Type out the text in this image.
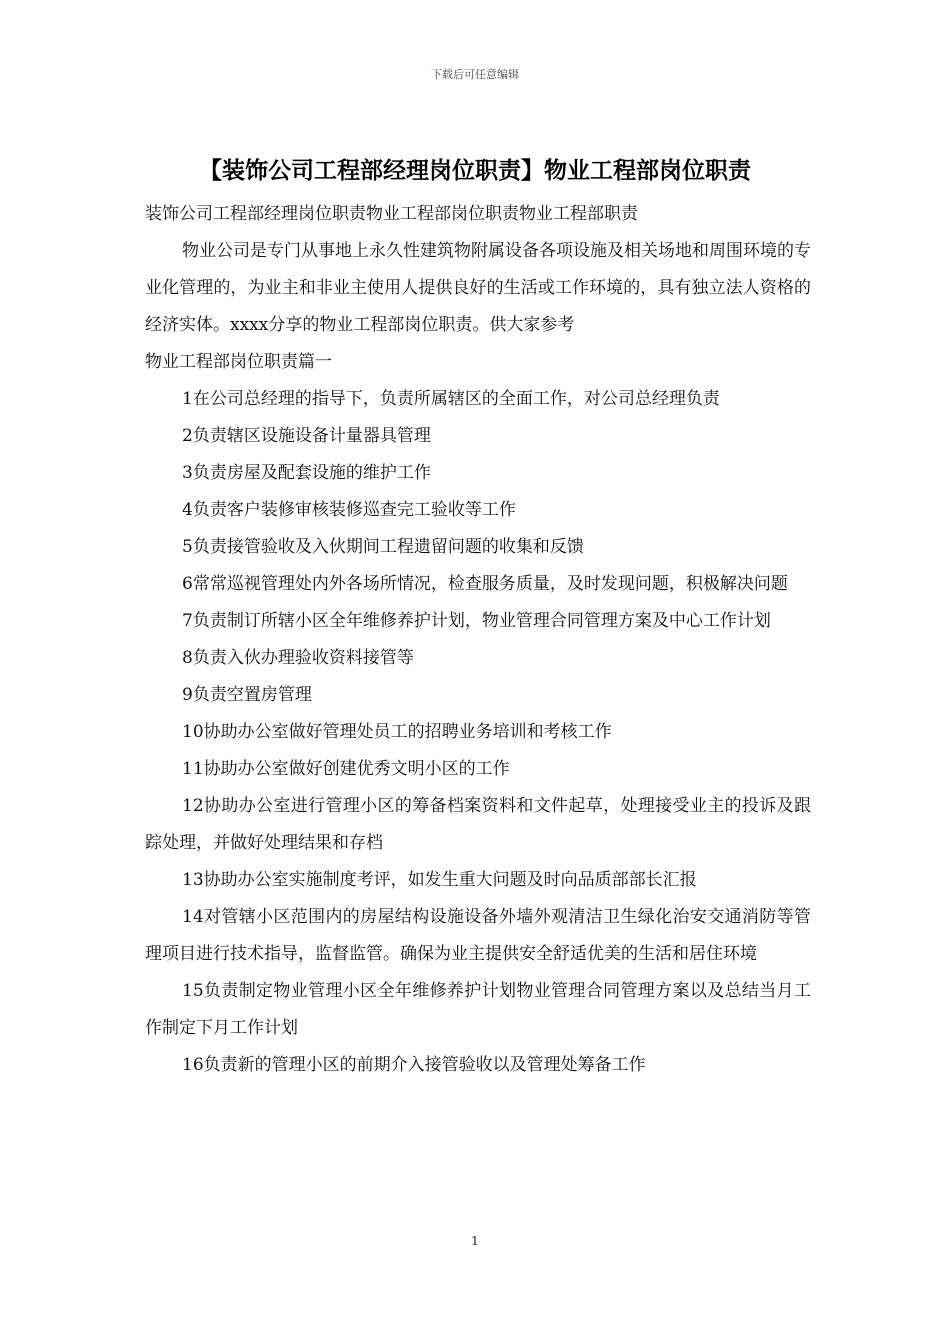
下载后可任意编辑
【装饰公司工程部经理岗位职责】物业工程部岗位职责

装饰公司工程部经理岗位职责物业工程部岗位职责物业工程部职责

物业公司是专门从事地上永久性建筑物附属设备各项设施及相关场地和周围环境的专业化管理的，为业主和非业主使用人提供良好的生活或工作环境的，具有独立法人资格的经济实体。xxxx分享的物业工程部岗位职责。供大家参考

物业工程部岗位职责篇一

1在公司总经理的指导下，负责所属辖区的全面工作，对公司总经理负责

2负责辖区设施设备计量器具管理

3负责房屋及配套设施的维护工作

4负责客户装修审核装修巡查完工验收等工作

5负责接管验收及入伙期间工程遗留问题的收集和反馈

6常常巡视管理处内外各场所情况，检查服务质量，及时发现问题，积极解决问题

7负责制订所辖小区全年维修养护计划，物业管理合同管理方案及中心工作计划

8负责入伙办理验收资料接管等

9负责空置房管理

10协助办公室做好管理处员工的招聘业务培训和考核工作

11协助办公室做好创建优秀文明小区的工作

12协助办公室进行管理小区的筹备档案资料和文件起草，处理接受业主的投诉及跟踪处理，并做好处理结果和存档

13协助办公室实施制度考评，如发生重大问题及时向品质部部长汇报

14对管辖小区范围内的房屋结构设施设备外墙外观清洁卫生绿化治安交通消防等管理项目进行技术指导，监督监管。确保为业主提供安全舒适优美的生活和居住环境

15负责制定物业管理小区全年维修养护计划物业管理合同管理方案以及总结当月工作制定下月工作计划

16负责新的管理小区的前期介入接管验收以及管理处筹备工作

1
